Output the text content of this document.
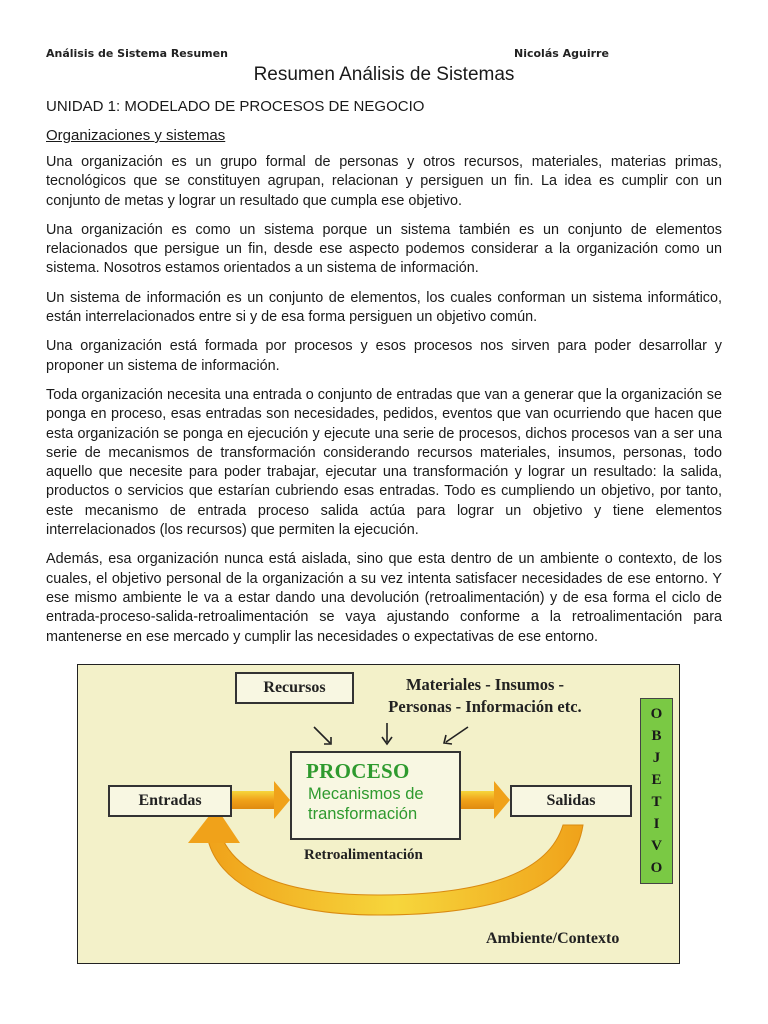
Análisis de Sistema Resumen	Nicolás Aguirre
Resumen Análisis de Sistemas
UNIDAD 1: MODELADO DE PROCESOS DE NEGOCIO
Organizaciones y sistemas

Una organización es un grupo formal de personas y otros recursos, materiales, materias primas, tecnológicos que se constituyen agrupan, relacionan y persiguen un fin. La idea es cumplir con un conjunto de metas y lograr un resultado que cumpla ese objetivo.

Una organización es como un sistema porque un sistema también es un conjunto de elementos relacionados que persigue un fin, desde ese aspecto podemos considerar a la organización como un sistema. Nosotros estamos orientados a un sistema de información.

Un sistema de información es un conjunto de elementos, los cuales conforman un sistema informático, están interrelacionados entre si y de esa forma persiguen un objetivo común.

Una organización está formada por procesos y esos procesos nos sirven para poder desarrollar y proponer un sistema de información.

Toda organización necesita una entrada o conjunto de entradas que van a generar que la organización se ponga en proceso, esas entradas son necesidades, pedidos, eventos que van ocurriendo que hacen que esta organización se ponga en ejecución y ejecute una serie de procesos, dichos procesos van a ser una serie de mecanismos de transformación considerando recursos materiales, insumos, personas, todo aquello que necesite para poder trabajar, ejecutar una transformación y lograr un resultado: la salida, productos o servicios que estarían cubriendo esas entradas. Todo es cumpliendo un objetivo, por tanto, este mecanismo de entrada proceso salida actúa para lograr un objetivo y tiene elementos interrelacionados (los recursos) que permiten la ejecución.

Además, esa organización nunca está aislada, sino que esta dentro de un ambiente o contexto, de los cuales, el objetivo personal de la organización a su vez intenta satisfacer necesidades de ese entorno. Y ese mismo ambiente le va a estar dando una devolución (retroalimentación) y de esa forma el ciclo de entrada-proceso-salida-retroalimentación se vaya ajustando conforme a la retroalimentación para mantenerse en ese mercado y cumplir las necesidades o expectativas de ese entorno.

Recursos	Materiales - Insumos -
Personas - Información etc.
Entradas
PROCESO
Mecanismos de
transformación
Salidas
Retroalimentación
O
B
J
E
T
I
V
O
Ambiente/Contexto
